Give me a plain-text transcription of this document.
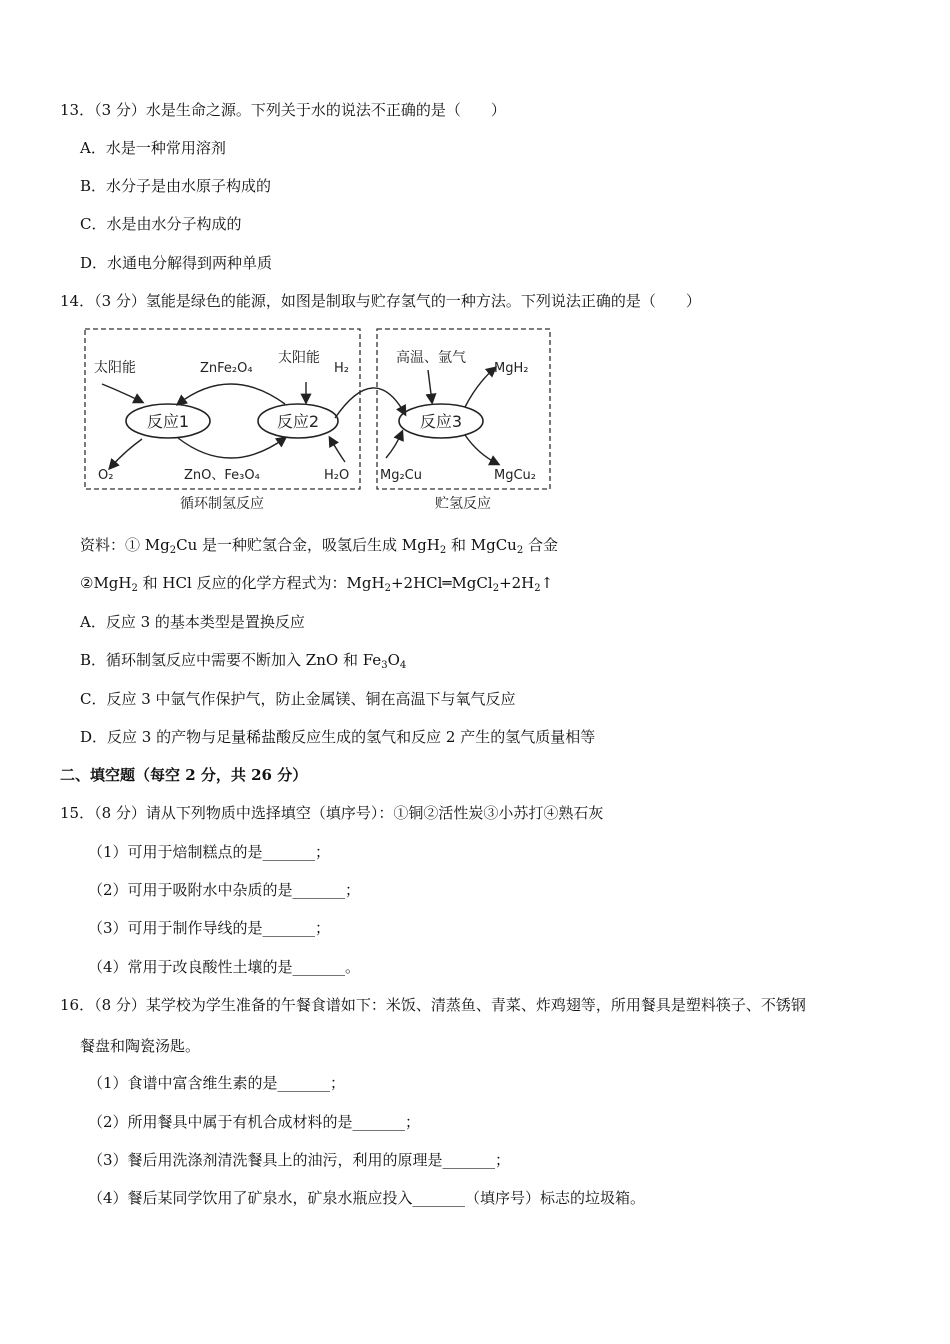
13．（3 分）水是生命之源。下列关于水的说法不正确的是（　　）
A．水是一种常用溶剂
B．水分子是由水原子构成的
C．水是由水分子构成的
D．水通电分解得到两种单质
14．（3 分）氢能是绿色的能源，如图是制取与贮存氢气的一种方法。下列说法正确的是（　　）
反应1	反应2	反应3
太阳能	ZnFe₂O₄
太阳能
H₂
O₂	ZnO、Fe₃O₄	H₂O
高温、氩气
MgH₂
Mg₂Cu	MgCu₂
循环制氢反应	贮氢反应
资料：① $Mg_2Cu$ 是一种贮氢合金，吸氢后生成 MgH$_2$ 和 MgCu$_2$ 合金
②MgH$_2$ 和 HCl 反应的化学方程式为：$MgH_2+2HCl═MgCl_2+2H_2↑$
A．反应 3 的基本类型是置换反应
B．循环制氢反应中需要不断加入 ZnO 和 $Fe_3O_4$
C．反应 3 中氩气作保护气，防止金属镁、铜在高温下与氧气反应
D．反应 3 的产物与足量稀盐酸反应生成的氢气和反应 2 产生的氢气质量相等
二、填空题（每空 2 分，共 26 分）
15．（8 分）请从下列物质中选择填空（填序号）：①铜②活性炭③小苏打④熟石灰
（1）可用于焙制糕点的是_______；
（2）可用于吸附水中杂质的是_______；
（3）可用于制作导线的是_______；
（4）常用于改良酸性土壤的是_______。
16．（8 分）某学校为学生准备的午餐食谱如下：米饭、清蒸鱼、青菜、炸鸡翅等，所用餐具是塑料筷子、不锈钢
餐盘和陶瓷汤匙。
（1）食谱中富含维生素的是_______；
（2）所用餐具中属于有机合成材料的是_______；
（3）餐后用洗涤剂清洗餐具上的油污，利用的原理是_______；
（4）餐后某同学饮用了矿泉水，矿泉水瓶应投入_______（填序号）标志的垃圾箱。
